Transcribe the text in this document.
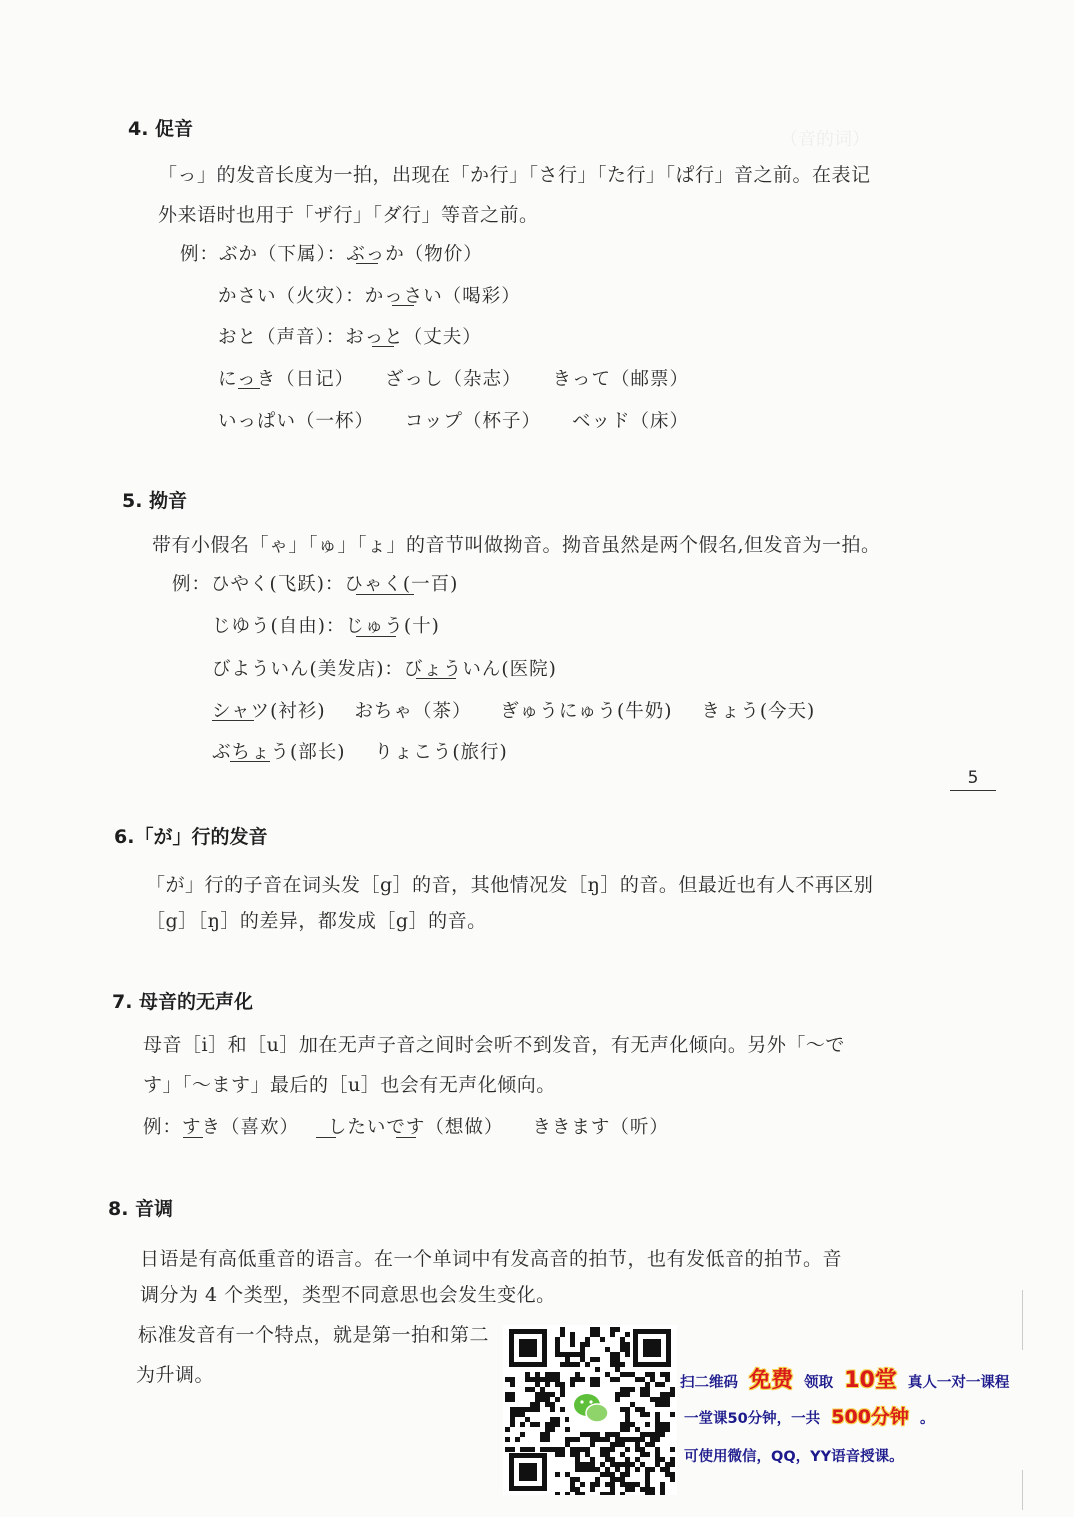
（音的词）
4. 促音
「っ」的发音长度为一拍，出现在「か行」「さ行」「た行」「ぱ行」音之前。在表记
外来语时也用于「ザ行」「ダ行」等音之前。
例：ぶか（下属）：ぶっか（物价）
かさい（火灾）：かっさい（喝彩）
おと（声音）：おっと（丈夫）
にっき（日记） ざっし（杂志） きって（邮票）
いっぱい（一杯） コップ（杯子） ベッド（床）
5. 拗音
带有小假名「ゃ」「ゅ」「ょ」的音节叫做拗音。拗音虽然是两个假名,但发音为一拍。
例：ひやく(飞跃)：ひゃく(一百)
じゆう(自由)：じゅう(十)
びよういん(美发店)：びょういん(医院)
シャツ(衬衫) おちゃ（茶） ぎゅうにゅう(牛奶) きょう(今天)
ぶちょう(部长) りょこう(旅行)
5
6.「が」行的发音
「が」行的子音在词头发［g］的音，其他情况发［ŋ］的音。但最近也有人不再区别
［g］［ŋ］的差异，都发成［g］的音。
7. 母音的无声化
母音［i］和［u］加在无声子音之间时会听不到发音，有无声化倾向。另外「～で
す」「～ます」最后的［u］也会有无声化倾向。
例：すき（喜欢） したいです（想做） ききます（听）
8. 音调
日语是有高低重音的语言。在一个单词中有发高音的拍节，也有发低音的拍节。音
调分为 4 个类型，类型不同意思也会发生变化。
标准发音有一个特点，就是第一拍和第二
为升调。	扫二维码 免费 领取 10堂 真人一对一课程
一堂课50分钟，一共 500分钟 。
可使用微信，QQ，YY语音授课。
